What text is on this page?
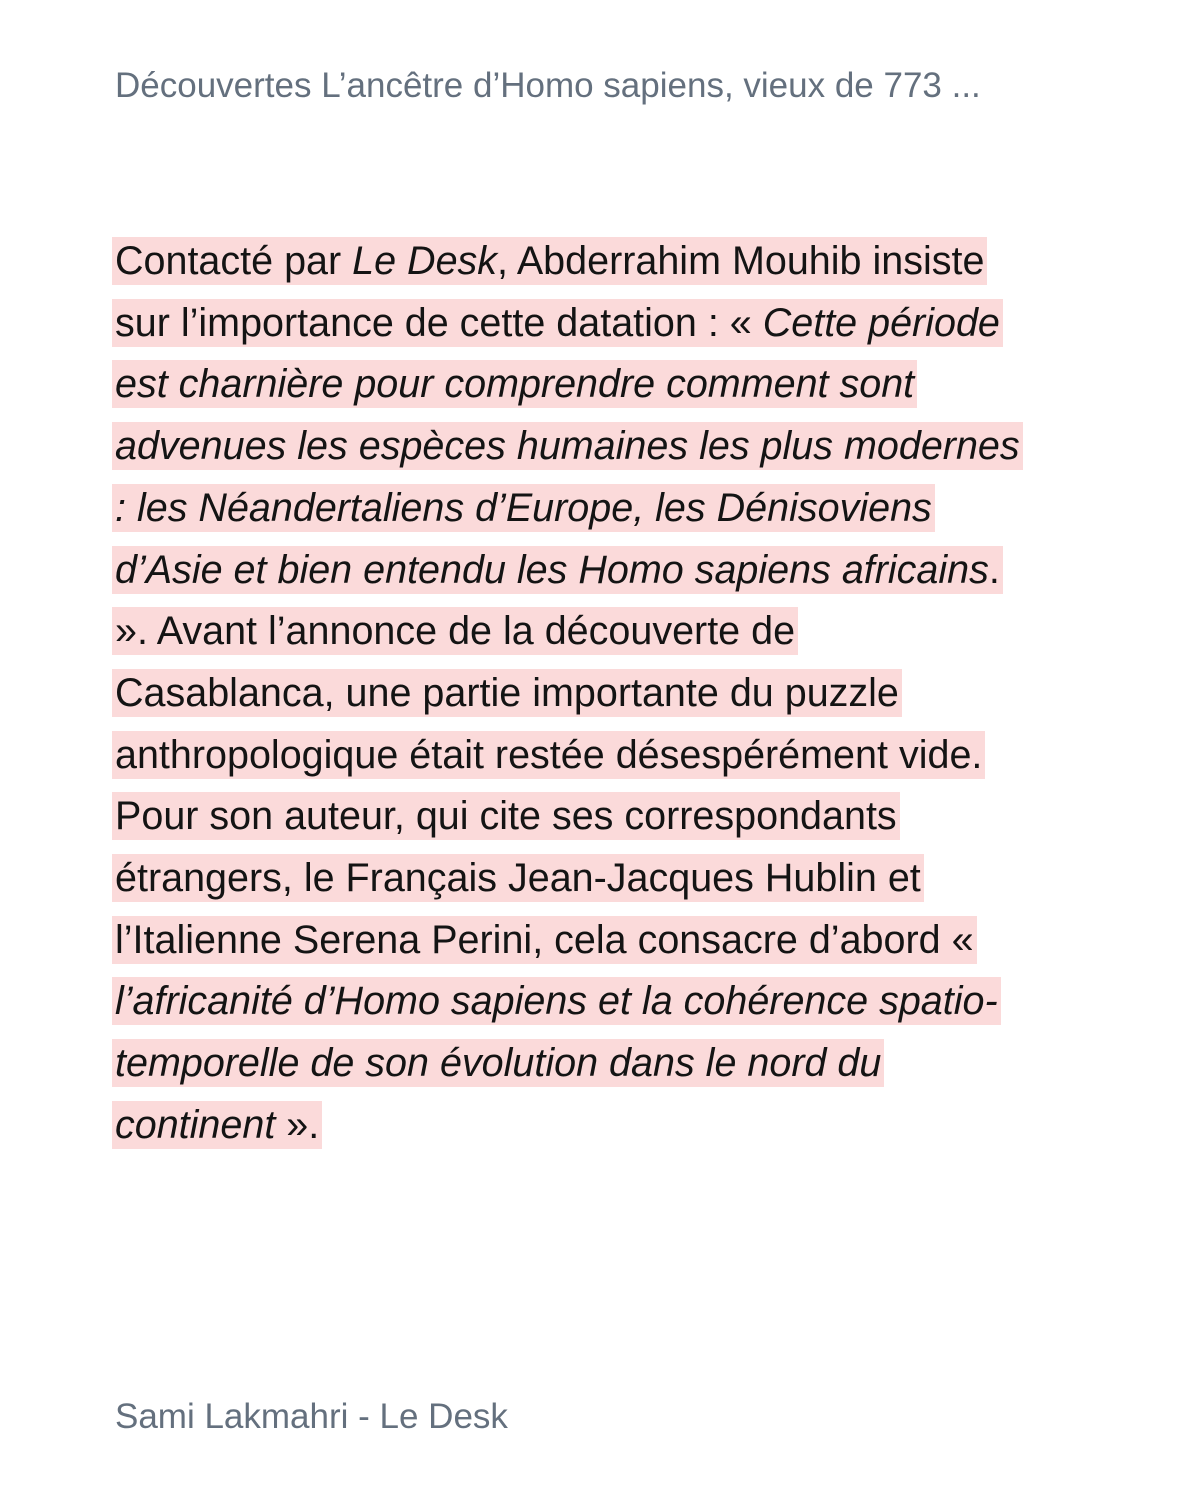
Découvertes L’ancêtre d’Homo sapiens, vieux de 773 ...
Contacté par Le Desk, Abderrahim Mouhib insiste sur l’importance de cette datation : « Cette période est charnière pour comprendre comment sont advenues les espèces humaines les plus modernes : les Néandertaliens d’Europe, les Dénisoviens d’Asie et bien entendu les Homo sapiens africains. ». Avant l’annonce de la découverte de Casablanca, une partie importante du puzzle anthropologique était restée désespérément vide. Pour son auteur, qui cite ses correspondants étrangers, le Français Jean-Jacques Hublin et l’Italienne Serena Perini, cela consacre d’abord « l’africanité d’Homo sapiens et la cohérence spatio-temporelle de son évolution dans le nord du continent ».
Sami Lakmahri - Le Desk
